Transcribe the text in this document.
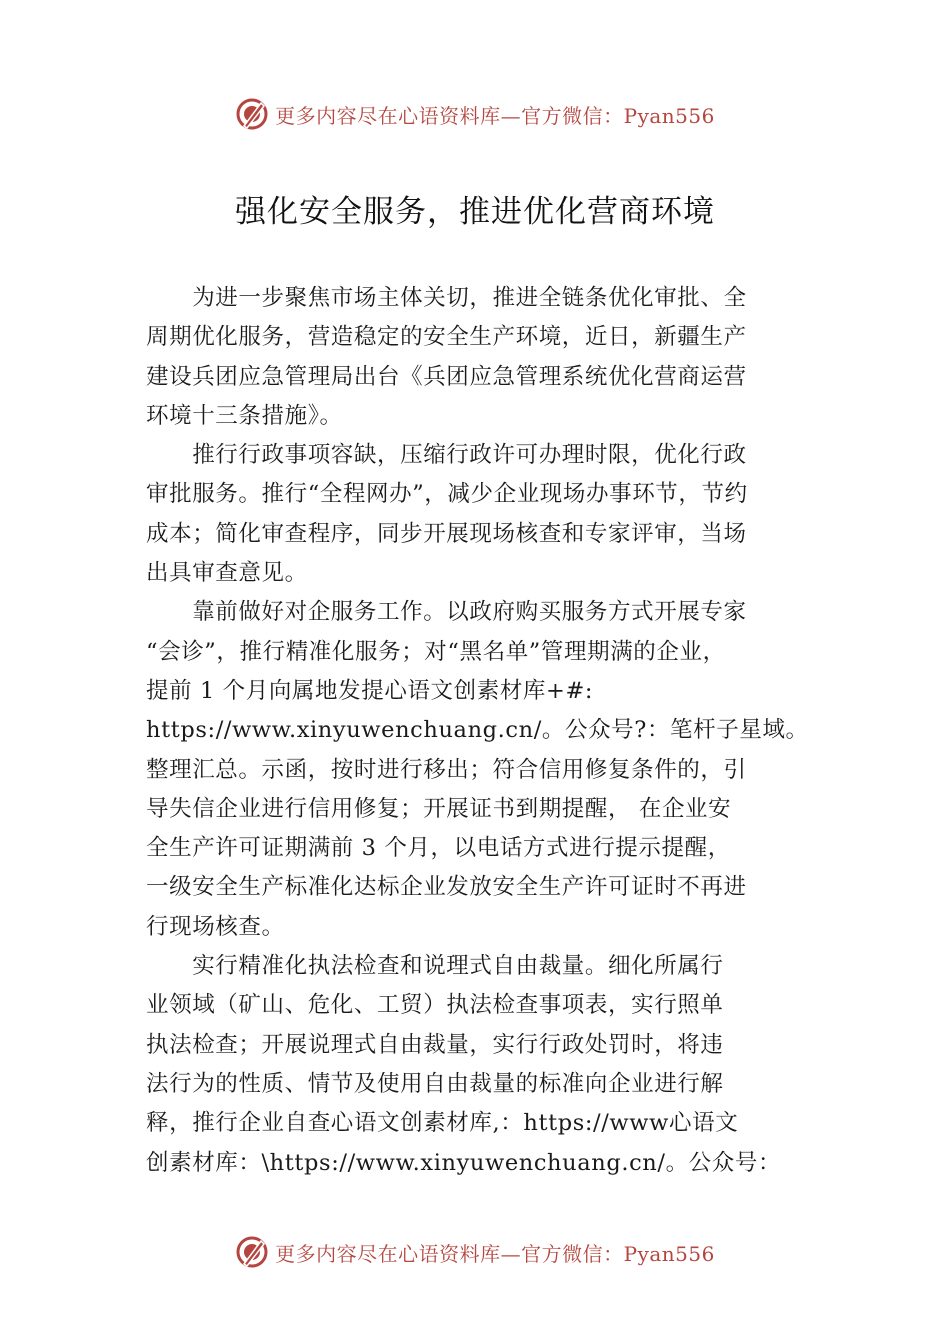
更多内容尽在心语资料库—官方微信：Pyan556
强化安全服务，推进优化营商环境
　　为进一步聚焦市场主体关切，推进全链条优化审批、全
周期优化服务，营造稳定的安全生产环境，近日，新疆生产
建设兵团应急管理局出台《兵团应急管理系统优化营商运营
环境十三条措施》。
　　推行行政事项容缺，压缩行政许可办理时限，优化行政
审批服务。推行“全程网办”，减少企业现场办事环节，节约
成本；简化审查程序，同步开展现场核查和专家评审，当场
出具审查意见。
　　靠前做好对企服务工作。以政府购买服务方式开展专家
“会诊”，推行精准化服务；对“黑名单”管理期满的企业，
提前 1 个月向属地发提心语文创素材库+#:
https://www.xinyuwenchuang.cn/。公众号?：笔杆子星域。
整理汇总。示函，按时进行移出；符合信用修复条件的，引
导失信企业进行信用修复；开展证书到期提醒， 在企业安
全生产许可证期满前 3 个月，以电话方式进行提示提醒，
一级安全生产标准化达标企业发放安全生产许可证时不再进
行现场核查。
　　实行精准化执法检查和说理式自由裁量。细化所属行
业领域（矿山、危化、工贸）执法检查事项表，实行照单
执法检查；开展说理式自由裁量，实行行政处罚时，将违
法行为的性质、情节及使用自由裁量的标准向企业进行解
释，推行企业自查心语文创素材库,：https://www心语文
创素材库：\https://www.xinyuwenchuang.cn/。公众号：
更多内容尽在心语资料库—官方微信：Pyan556
